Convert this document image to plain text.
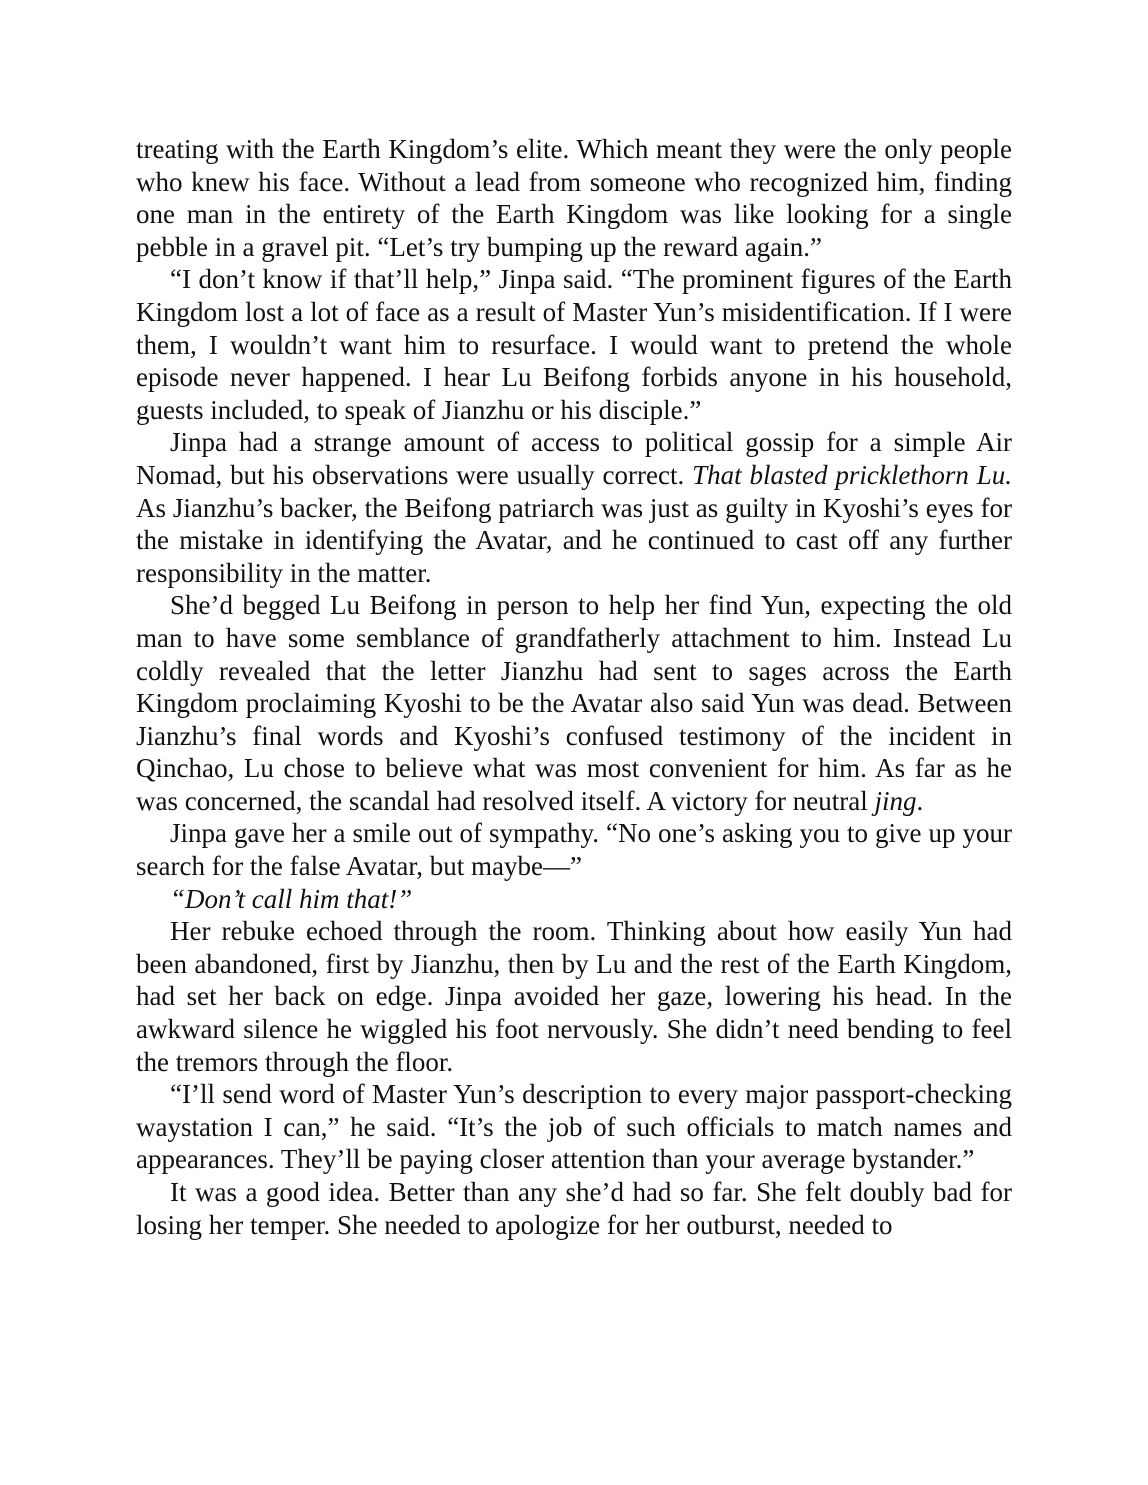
treating with the Earth Kingdom’s elite. Which meant they were the only people who knew his face. Without a lead from someone who recognized him, finding one man in the entirety of the Earth Kingdom was like looking for a single pebble in a gravel pit. “Let’s try bumping up the reward again.”

“I don’t know if that’ll help,” Jinpa said. “The prominent figures of the Earth Kingdom lost a lot of face as a result of Master Yun’s misidentification. If I were them, I wouldn’t want him to resurface. I would want to pretend the whole episode never happened. I hear Lu Beifong forbids anyone in his household, guests included, to speak of Jianzhu or his disciple.”

Jinpa had a strange amount of access to political gossip for a simple Air Nomad, but his observations were usually correct. That blasted pricklethorn Lu. As Jianzhu’s backer, the Beifong patriarch was just as guilty in Kyoshi’s eyes for the mistake in identifying the Avatar, and he continued to cast off any further responsibility in the matter.

She’d begged Lu Beifong in person to help her find Yun, expecting the old man to have some semblance of grandfatherly attachment to him. Instead Lu coldly revealed that the letter Jianzhu had sent to sages across the Earth Kingdom proclaiming Kyoshi to be the Avatar also said Yun was dead. Between Jianzhu’s final words and Kyoshi’s confused testimony of the incident in Qinchao, Lu chose to believe what was most convenient for him. As far as he was concerned, the scandal had resolved itself. A victory for neutral jing.

Jinpa gave her a smile out of sympathy. “No one’s asking you to give up your search for the false Avatar, but maybe—”

“Don’t call him that!”

Her rebuke echoed through the room. Thinking about how easily Yun had been abandoned, first by Jianzhu, then by Lu and the rest of the Earth Kingdom, had set her back on edge. Jinpa avoided her gaze, lowering his head. In the awkward silence he wiggled his foot nervously. She didn’t need bending to feel the tremors through the floor.

“I’ll send word of Master Yun’s description to every major passport-checking waystation I can,” he said. “It’s the job of such officials to match names and appearances. They’ll be paying closer attention than your average bystander.”

It was a good idea. Better than any she’d had so far. She felt doubly bad for losing her temper. She needed to apologize for her outburst, needed to
